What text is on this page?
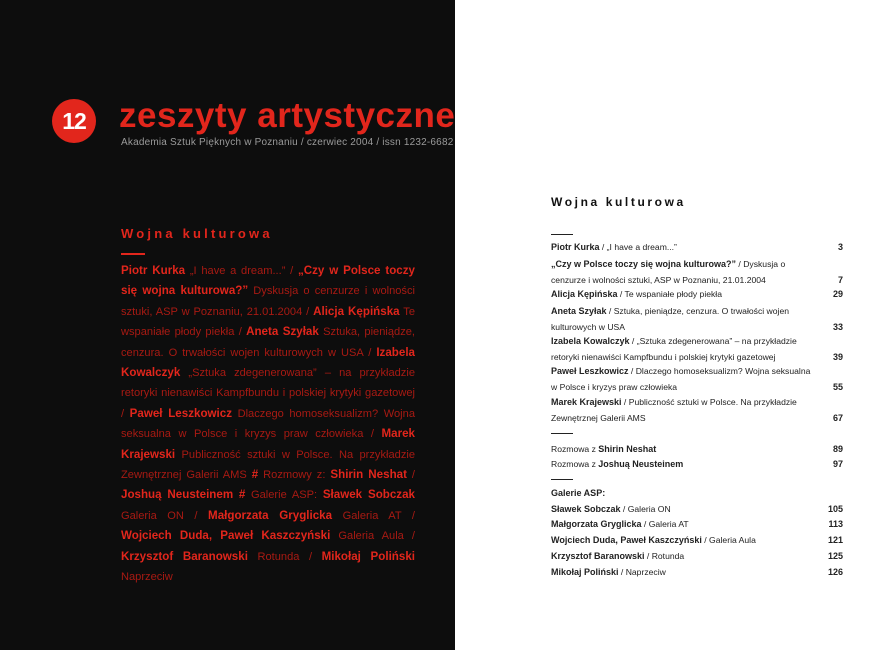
12 zeszyty artystyczne
Akademia Sztuk Pięknych w Poznaniu / czerwiec 2004 / issn 1232-6682
Wojna kulturowa
Piotr Kurka „I have a dream...” / „Czy w Polsce toczy się wojna kulturowa?” Dyskusja o cenzurze i wolności sztuki, ASP w Poznaniu, 21.01.2004 / Alicja Kępińska Te wspaniałe płody piekła / Aneta Szyłak Sztuka, pieniądze, cenzura. O trwałości wojen kulturowych w USA / Izabela Kowalczyk „Sztuka zdegenerowana” – na przykładzie retoryki nienawiści Kampfbundu i polskiej krytyki gazetowej / Paweł Leszkowicz Dlaczego homoseksualizm? Wojna seksualna w Polsce i kryzys praw człowieka / Marek Krajewski Publiczność sztuki w Polsce. Na przykładzie Zewnętrznej Galerii AMS # Rozmowy z: Shirin Neshat / Joshuą Neusteinem # Galerie ASP: Sławek Sobczak Galeria ON / Małgorzata Gryglicka Galeria AT / Wojciech Duda, Paweł Kaszczyński Galeria Aula / Krzysztof Baranowski Rotunda / Mikołaj Poliński Naprzeciw
Wojna kulturowa
Piotr Kurka / „I have a dream...”	3
„Czy w Polsce toczy się wojna kulturowa?” / Dyskusja o cenzurze i wolności sztuki, ASP w Poznaniu, 21.01.2004	7
Alicja Kępińska / Te wspaniałe płody piekła	29
Aneta Szyłak / Sztuka, pieniądze, cenzura. O trwałości wojen kulturowych w USA	33
Izabela Kowalczyk / „Sztuka zdegenerowana” – na przykładzie retoryki nienawiści Kampfbundu i polskiej krytyki gazetowej	39
Paweł Leszkowicz / Dlaczego homoseksualizm? Wojna seksualna w Polsce i kryzys praw człowieka	55
Marek Krajewski / Publiczność sztuki w Polsce. Na przykładzie Zewnętrznej Galerii AMS	67
Rozmowa z Shirin Neshat	89
Rozmowa z Joshuą Neusteinem	97
Galerie ASP:
Sławek Sobczak / Galeria ON	105
Małgorzata Gryglicka / Galeria AT	113
Wojciech Duda, Paweł Kaszczyński / Galeria Aula	121
Krzysztof Baranowski / Rotunda	125
Mikołaj Poliński / Naprzeciw	126
